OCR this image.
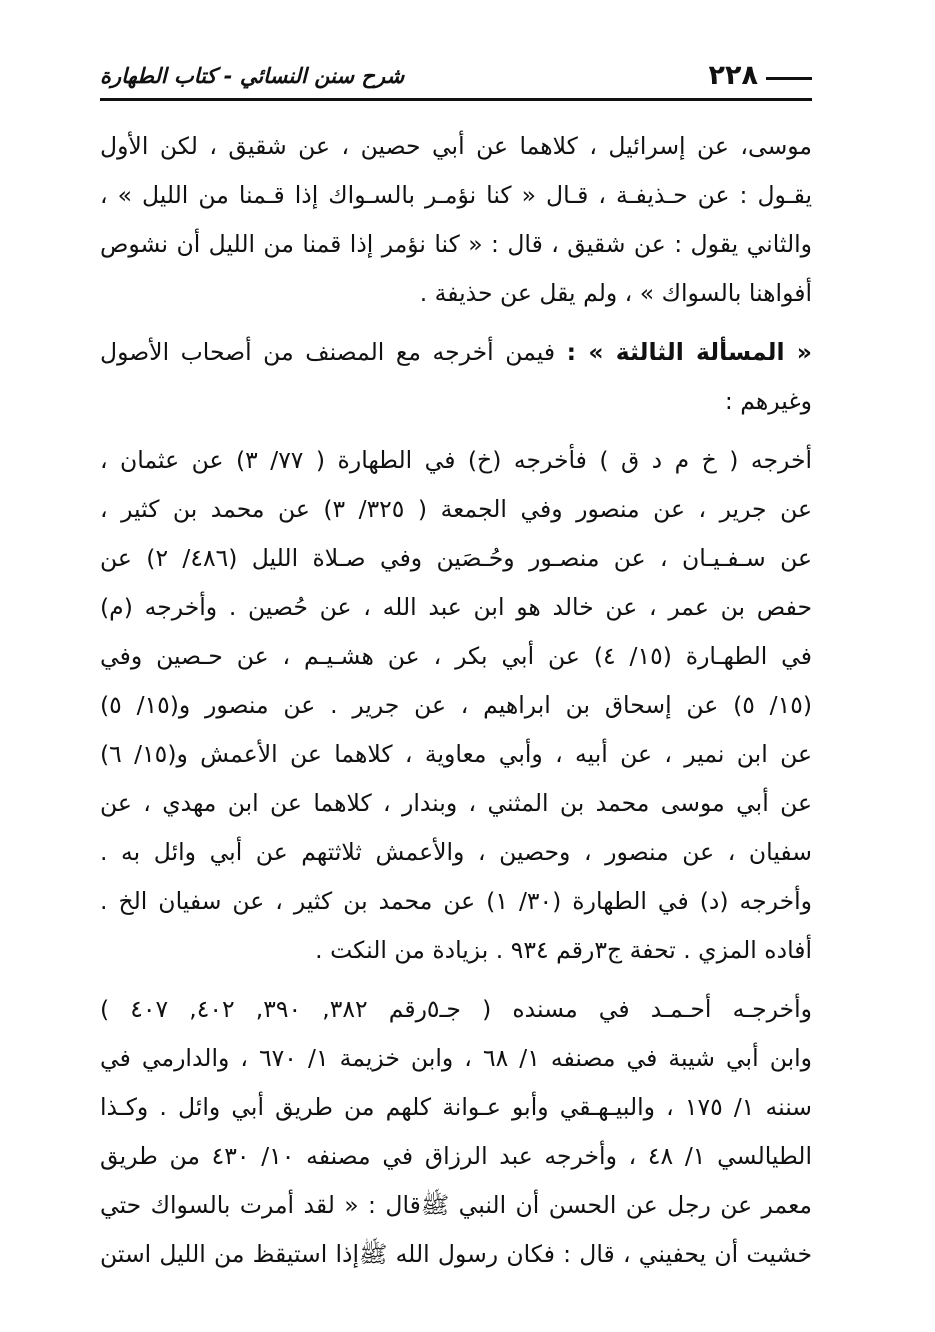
٢٢٨
شرح سنن النسائي - كتاب الطهارة

موسى، عن إسرائيل ، كلاهما عن أبي حصين ، عن شقيق ، لكن الأول
يقـول : عن حـذيفـة ، قـال « كنا نؤمـر بالسـواك إذا قـمنا من الليل » ،
والثاني يقول : عن شقيق ، قال : « كنا نؤمر إذا قمنا من الليل أن نشوص
أفواهنا بالسواك » ، ولم يقل عن حذيفة .

« المسألة الثالثة » : فيمن أخرجه مع المصنف من أصحاب الأصول
وغيرهم :

أخرجه ( خ م د ق ) فأخرجه (خ) في الطهارة ( ٧٧/ ٣) عن عثمان ،
عن جرير ، عن منصور وفي الجمعة ( ٣٢٥/ ٣) عن محمد بن كثير ،
عن سـفـيـان ، عن منصـور وحُـصَين وفي صـلاة الليل (٤٨٦/ ٢) عن
حفص بن عمر ، عن خالد هو ابن عبد الله ، عن حُصين . وأخرجه (م)
في الطهـارة (١٥/ ٤) عن أبي بكر ، عن هشـيـم ، عن حـصين وفي
(١٥/ ٥) عن إسحاق بن ابراهيم ، عن جرير . عن منصور و(١٥/ ٥)
عن ابن نمير ، عن أبيه ، وأبي معاوية ، كلاهما عن الأعمش و(١٥/ ٦)
عن أبي موسى محمد بن المثني ، وبندار ، كلاهما عن ابن مهدي ، عن
سفيان ، عن منصور ، وحصين ، والأعمش ثلاثتهم عن أبي وائل به .
وأخرجه (د) في الطهارة (٣٠/ ١) عن محمد بن كثير ، عن سفيان الخ .
أفاده المزي . تحفة ج٣رقم ٩٣٤ . بزيادة من النكت .

وأخرجـه أحـمـد في مسنده ( جـ٥رقم ٣٨٢, ٣٩٠, ٤٠٢, ٤٠٧ )
وابن أبي شيبة في مصنفه ١/ ٦٨ ، وابن خزيمة ١/ ٦٧٠ ، والدارمي في
سننه ١/ ١٧٥ ، والبيـهـقي وأبو عـوانة كلهم من طريق أبي وائل . وكـذا
الطيالسي ١/ ٤٨ ، وأخرجه عبد الرزاق في مصنفه ١٠/ ٤٣٠ من طريق
معمر عن رجل عن الحسن أن النبي ﷺقال : « لقد أمرت بالسواك حتي
خشيت أن يحفيني ، قال : فكان رسول الله ﷺإذا استيقظ من الليل استن
